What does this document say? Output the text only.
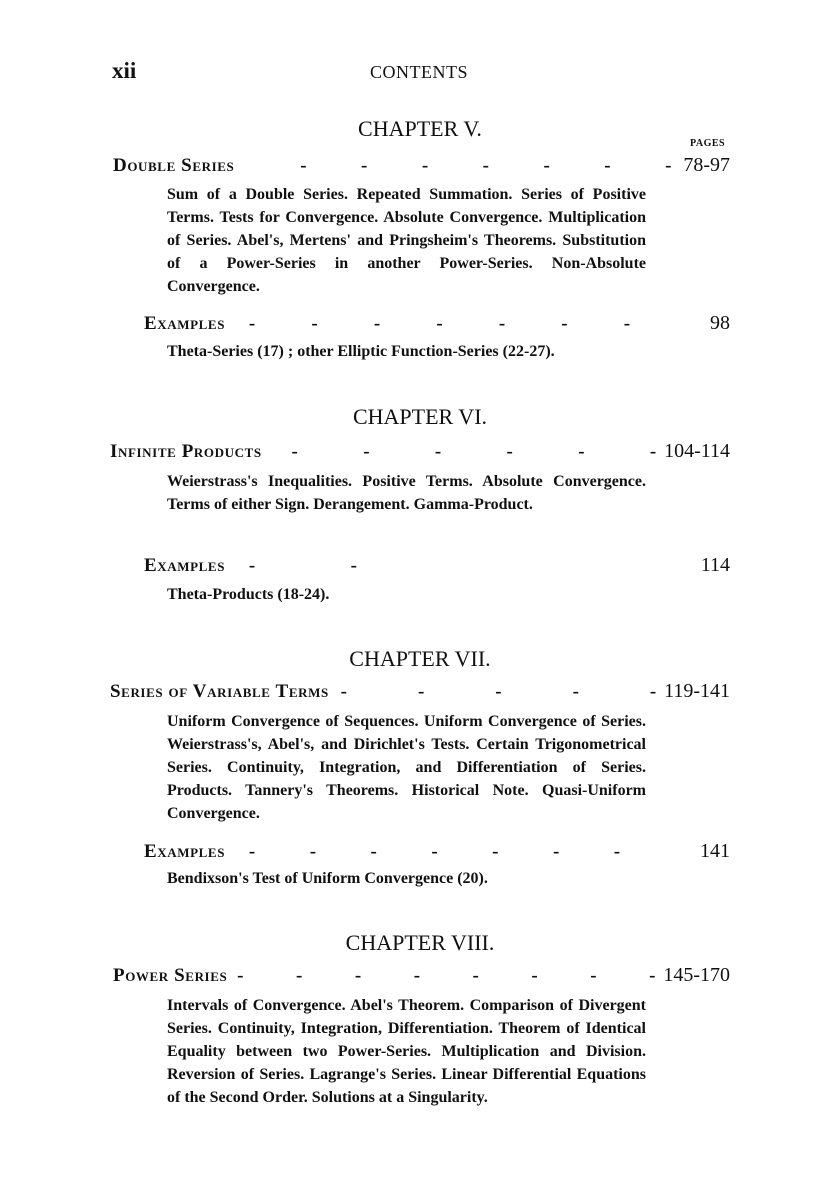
xii	CONTENTS
CHAPTER V.
PAGES
Double Series	-	-	-	-	-	-	- 78-97
Sum of a Double Series. Repeated Summation. Series of Positive Terms. Tests for Convergence. Absolute Convergence. Multiplication of Series. Abel's, Mertens' and Pringsheim's Theorems. Substitution of a Power-Series in another Power-Series. Non-Absolute Convergence.
Examples -	-	-	-	-	-	-	98
Theta-Series (17) ; other Elliptic Function-Series (22-27).
CHAPTER VI.
Infinite Products -	-	-	-	-	- 104-114
Weierstrass's Inequalities. Positive Terms. Absolute Convergence. Terms of either Sign. Derangement. Gamma-Product.
Examples -	-	114
Theta-Products (18-24).
CHAPTER VII.
Series of Variable Terms -	-	-	-	- 119-141
Uniform Convergence of Sequences. Uniform Convergence of Series. Weierstrass's, Abel's, and Dirichlet's Tests. Certain Trigonometrical Series. Continuity, Integration, and Differentiation of Series. Products. Tannery's Theorems. Historical Note. Quasi-Uniform Convergence.
Examples -	-	-	-	-	-	-	141
Bendixson's Test of Uniform Convergence (20).
CHAPTER VIII.
Power Series -	-	-	-	-	-	-	- 145-170
Intervals of Convergence. Abel's Theorem. Comparison of Divergent Series. Continuity, Integration, Differentiation. Theorem of Identical Equality between two Power-Series. Multiplication and Division. Reversion of Series. Lagrange's Series. Linear Differential Equations of the Second Order. Solutions at a Singularity.
